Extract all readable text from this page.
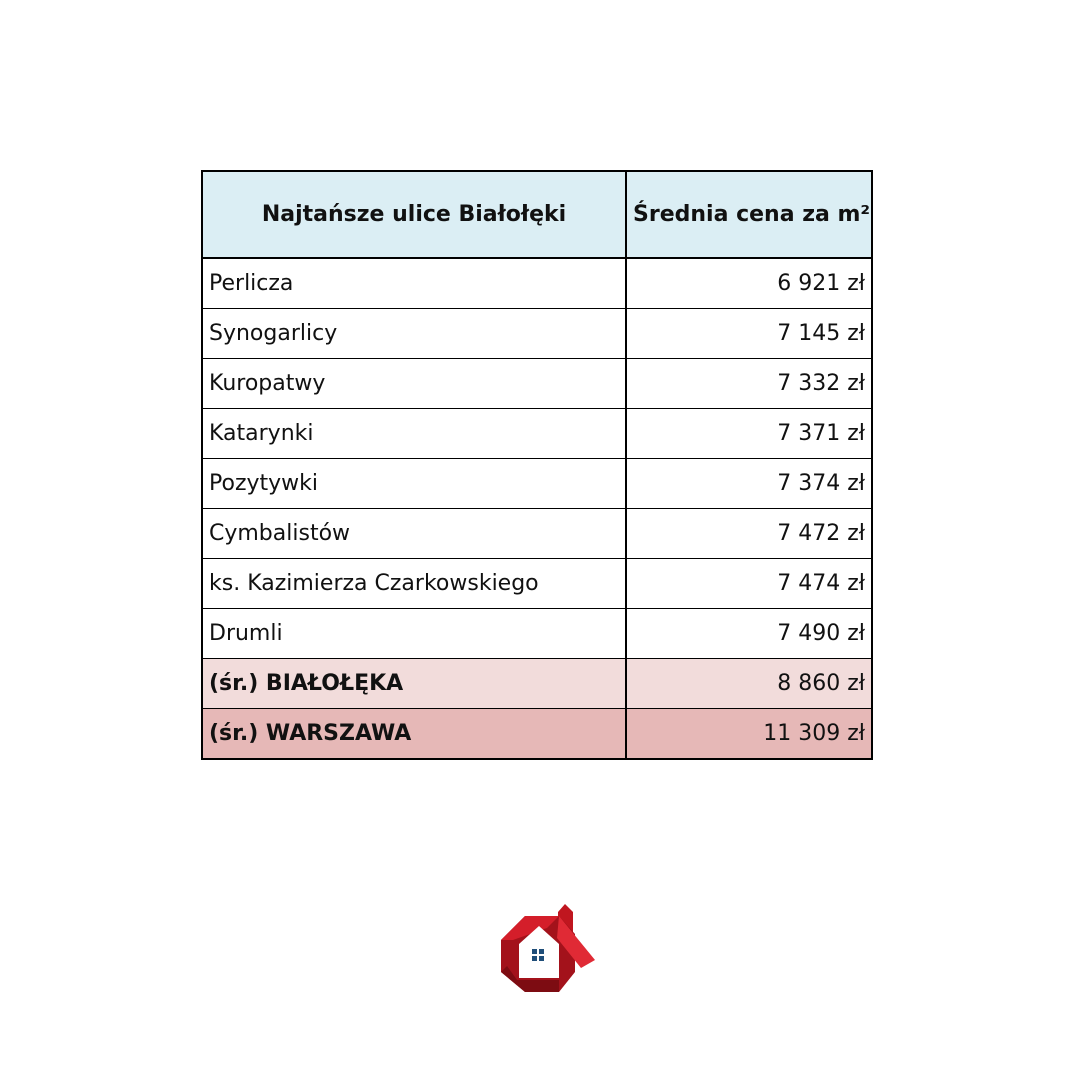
Najtańsze ulice Białołęki	Średnia cena za m²
Perlicza	6 921 zł
Synogarlicy	7 145 zł
Kuropatwy	7 332 zł
Katarynki	7 371 zł
Pozytywki	7 374 zł
Cymbalistów	7 472 zł
ks. Kazimierza Czarkowskiego	7 474 zł
Drumli	7 490 zł
(śr.) BIAŁOŁĘKA	8 860 zł
(śr.) WARSZAWA	11 309 zł
